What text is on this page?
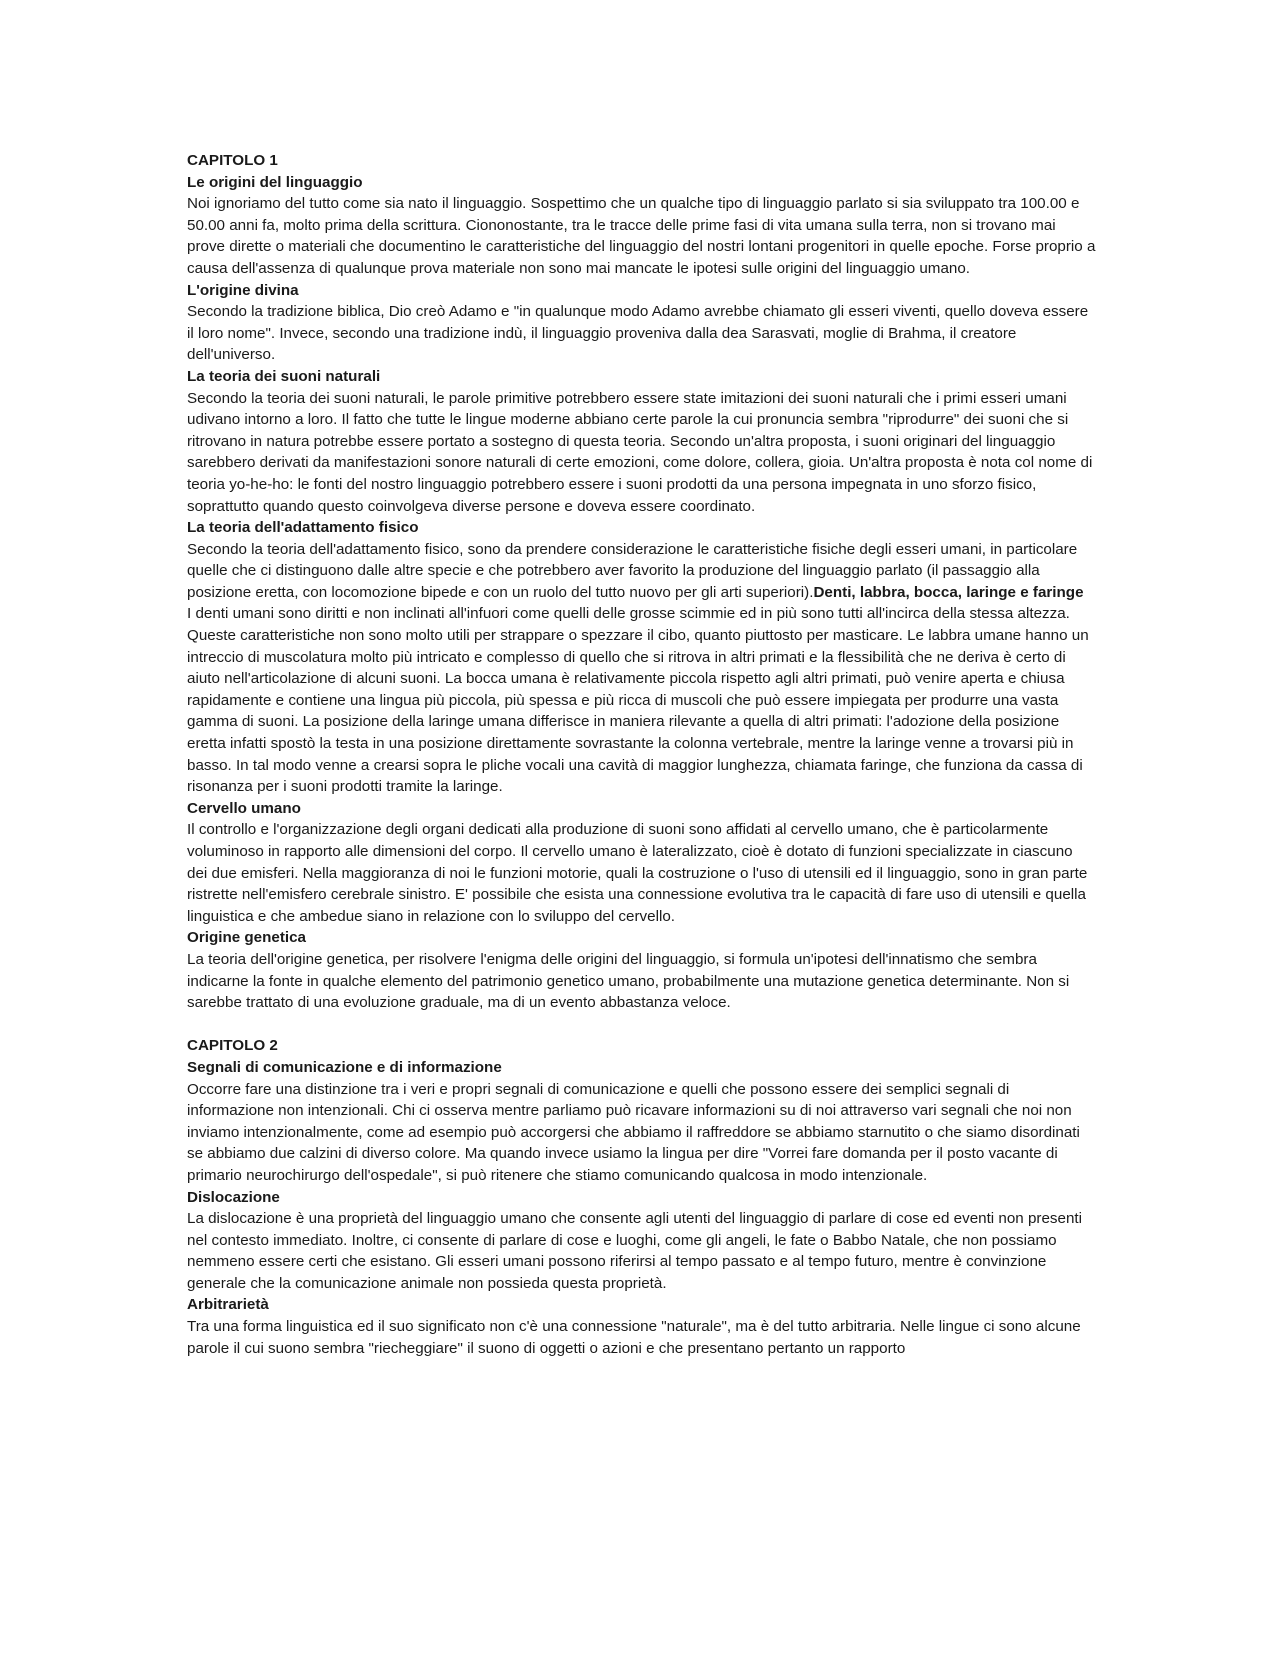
CAPITOLO 1
Le origini del linguaggio
Noi ignoriamo del tutto come sia nato il linguaggio. Sospettimo che un qualche tipo di linguaggio parlato si sia sviluppato tra 100.00 e 50.00 anni fa, molto prima della scrittura. Ciononostante, tra le tracce delle prime fasi di vita umana sulla terra, non si trovano mai prove dirette o materiali che documentino le caratteristiche del linguaggio del nostri lontani progenitori in quelle epoche. Forse proprio a causa dell'assenza di qualunque prova materiale non sono mai mancate le ipotesi sulle origini del linguaggio umano.
L'origine divina
Secondo la tradizione biblica, Dio creò Adamo e "in qualunque modo Adamo avrebbe chiamato gli esseri viventi, quello doveva essere il loro nome". Invece, secondo una tradizione indù, il linguaggio proveniva dalla dea Sarasvati, moglie di Brahma, il creatore dell'universo.
La teoria dei suoni naturali
Secondo la teoria dei suoni naturali, le parole primitive potrebbero essere state imitazioni dei suoni naturali che i primi esseri umani udivano intorno a loro. Il fatto che tutte le lingue moderne abbiano certe parole la cui pronuncia sembra "riprodurre" dei suoni che si ritrovano in natura potrebbe essere portato a sostegno di questa teoria. Secondo un'altra proposta, i suoni originari del linguaggio sarebbero derivati da manifestazioni sonore naturali di certe emozioni, come dolore, collera, gioia. Un'altra proposta è nota col nome di teoria yo-he-ho: le fonti del nostro linguaggio potrebbero essere i suoni prodotti da una persona impegnata in uno sforzo fisico, soprattutto quando questo coinvolgeva diverse persone e doveva essere coordinato.
La teoria dell'adattamento fisico
Secondo la teoria dell'adattamento fisico, sono da prendere considerazione le caratteristiche fisiche degli esseri umani, in particolare quelle che ci distinguono dalle altre specie e che potrebbero aver favorito la produzione del linguaggio parlato (il passaggio alla posizione eretta, con locomozione bipede e con un ruolo del tutto nuovo per gli arti superiori).Denti, labbra, bocca, laringe e faringe
I denti umani sono diritti e non inclinati all'infuori come quelli delle grosse scimmie ed in più sono tutti all'incirca della stessa altezza. Queste caratteristiche non sono molto utili per strappare o spezzare il cibo, quanto piuttosto per masticare. Le labbra umane hanno un intreccio di muscolatura molto più intricato e complesso di quello che si ritrova in altri primati e la flessibilità che ne deriva è certo di aiuto nell'articolazione di alcuni suoni. La bocca umana è relativamente piccola rispetto agli altri primati, può venire aperta e chiusa rapidamente e contiene una lingua più piccola, più spessa e più ricca di muscoli che può essere impiegata per produrre una vasta gamma di suoni. La posizione della laringe umana differisce in maniera rilevante a quella di altri primati: l'adozione della posizione eretta infatti spostò la testa in una posizione direttamente sovrastante la colonna vertebrale, mentre la laringe venne a trovarsi più in basso. In tal modo venne a crearsi sopra le pliche vocali una cavità di maggior lunghezza, chiamata faringe, che funziona da cassa di risonanza per i suoni prodotti tramite la laringe.
Cervello umano
Il controllo e l'organizzazione degli organi dedicati alla produzione di suoni sono affidati al cervello umano, che è particolarmente voluminoso in rapporto alle dimensioni del corpo. Il cervello umano è lateralizzato, cioè è dotato di funzioni specializzate in ciascuno dei due emisferi. Nella maggioranza di noi le funzioni motorie, quali la costruzione o l'uso di utensili ed il linguaggio, sono in gran parte ristrette nell'emisfero cerebrale sinistro. E' possibile che esista una connessione evolutiva tra le capacità di fare uso di utensili e quella linguistica e che ambedue siano in relazione con lo sviluppo del cervello.
Origine genetica
La teoria dell'origine genetica, per risolvere l'enigma delle origini del linguaggio, si formula un'ipotesi dell'innatismo che sembra indicarne la fonte in qualche elemento del patrimonio genetico umano, probabilmente una mutazione genetica determinante. Non si sarebbe trattato di una evoluzione graduale, ma di un evento abbastanza veloce.
CAPITOLO 2
Segnali di comunicazione e di informazione
Occorre fare una distinzione tra i veri e propri segnali di comunicazione e quelli che possono essere dei semplici segnali di informazione non intenzionali. Chi ci osserva mentre parliamo può ricavare informazioni su di noi attraverso vari segnali che noi non inviamo intenzionalmente, come ad esempio può accorgersi che abbiamo il raffreddore se abbiamo starnutito o che siamo disordinati se abbiamo due calzini di diverso colore. Ma quando invece usiamo la lingua per dire "Vorrei fare domanda per il posto vacante di primario neurochirurgo dell'ospedale", si può ritenere che stiamo comunicando qualcosa in modo intenzionale.
Dislocazione
La dislocazione è una proprietà del linguaggio umano che consente agli utenti del linguaggio di parlare di cose ed eventi non presenti nel contesto immediato. Inoltre, ci consente di parlare di cose e luoghi, come gli angeli, le fate o Babbo Natale, che non possiamo nemmeno essere certi che esistano. Gli esseri umani possono riferirsi al tempo passato e al tempo futuro, mentre è convinzione generale che la comunicazione animale non possieda questa proprietà.
Arbitrarietà
Tra una forma linguistica ed il suo significato non c'è una connessione "naturale", ma è del tutto arbitraria. Nelle lingue ci sono alcune parole il cui suono sembra "riecheggiare" il suono di oggetti o azioni e che presentano pertanto un rapporto
